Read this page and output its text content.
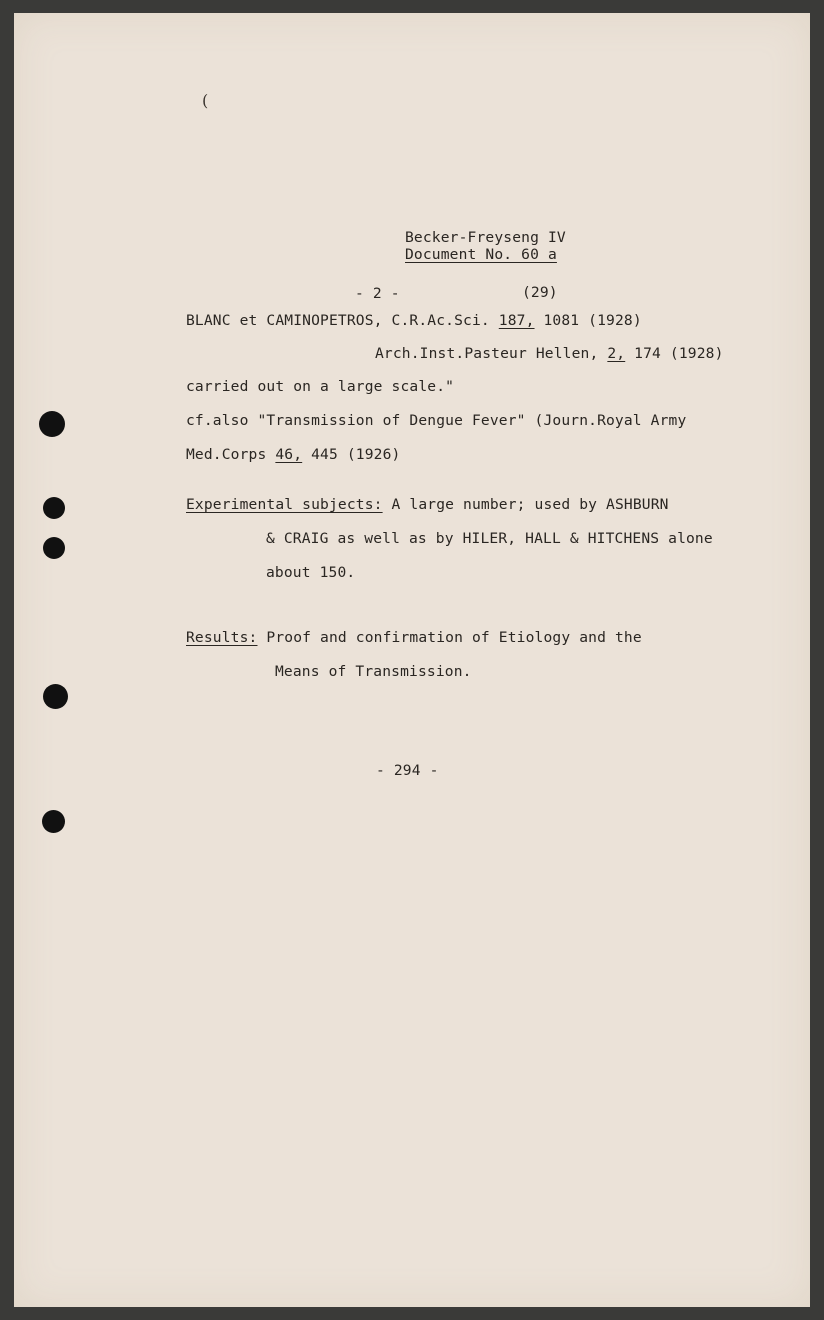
(
Becker-Freyseng IV
Document No. 60 a
- 2 -	(29)
BLANC et CAMINOPETROS, C.R.Ac.Sci. 187, 1081 (1928)
Arch.Inst.Pasteur Hellen, 2, 174 (1928)
carried out on a large scale."
cf.also "Transmission of Dengue Fever" (Journ.Royal Army
Med.Corps 46, 445 (1926)
Experimental subjects: A large number; used by ASHBURN
& CRAIG as well as by HILER, HALL & HITCHENS alone
about 150.
Results: Proof and confirmation of Etiology and the
Means of Transmission.
- 294 -
